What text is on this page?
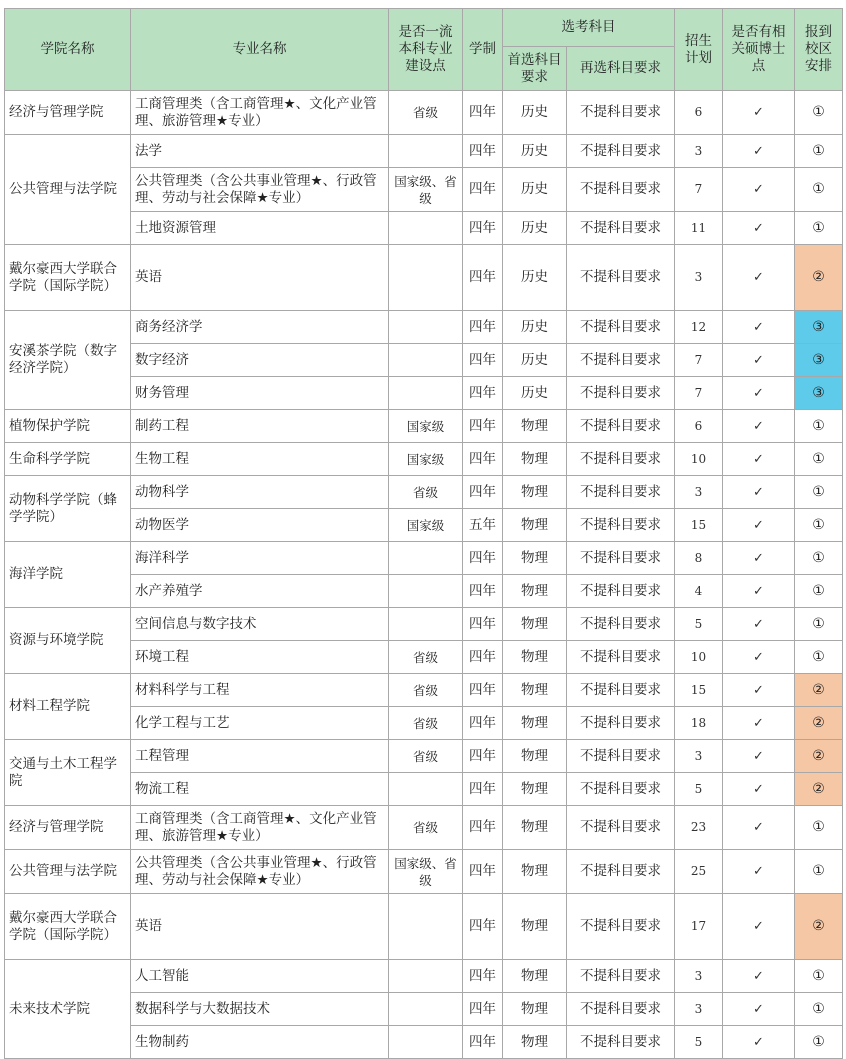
学院名称	专业名称	是否一流本科专业建设点	学制	选考科目		招生计划	是否有相关硕博士点	报到校区安排
				首选科目要求	再选科目要求			
经济与管理学院	工商管理类（含工商管理★、文化产业管理、旅游管理★专业）	省级	四年	历史	不提科目要求	6	✓	①
公共管理与法学院	法学		四年	历史	不提科目要求	3	✓	①
	公共管理类（含公共事业管理★、行政管理、劳动与社会保障★专业）	国家级、省级	四年	历史	不提科目要求	7	✓	①
	土地资源管理		四年	历史	不提科目要求	11	✓	①
戴尔豪西大学联合学院（国际学院）	英语		四年	历史	不提科目要求	3	✓	②
安溪茶学院（数字经济学院）	商务经济学		四年	历史	不提科目要求	12	✓	③
	数字经济		四年	历史	不提科目要求	7	✓	③
	财务管理		四年	历史	不提科目要求	7	✓	③
植物保护学院	制药工程	国家级	四年	物理	不提科目要求	6	✓	①
生命科学学院	生物工程	国家级	四年	物理	不提科目要求	10	✓	①
动物科学学院（蜂学学院）	动物科学	省级	四年	物理	不提科目要求	3	✓	①
	动物医学	国家级	五年	物理	不提科目要求	15	✓	①
海洋学院	海洋科学		四年	物理	不提科目要求	8	✓	①
	水产养殖学		四年	物理	不提科目要求	4	✓	①
资源与环境学院	空间信息与数字技术		四年	物理	不提科目要求	5	✓	①
	环境工程	省级	四年	物理	不提科目要求	10	✓	①
材料工程学院	材料科学与工程	省级	四年	物理	不提科目要求	15	✓	②
	化学工程与工艺	省级	四年	物理	不提科目要求	18	✓	②
交通与土木工程学院	工程管理	省级	四年	物理	不提科目要求	3	✓	②
	物流工程		四年	物理	不提科目要求	5	✓	②
经济与管理学院	工商管理类（含工商管理★、文化产业管理、旅游管理★专业）	省级	四年	物理	不提科目要求	23	✓	①
公共管理与法学院	公共管理类（含公共事业管理★、行政管理、劳动与社会保障★专业）	国家级、省级	四年	物理	不提科目要求	25	✓	①
戴尔豪西大学联合学院（国际学院）	英语		四年	物理	不提科目要求	17	✓	②
未来技术学院	人工智能		四年	物理	不提科目要求	3	✓	①
	数据科学与大数据技术		四年	物理	不提科目要求	3	✓	①
	生物制药		四年	物理	不提科目要求	5	✓	①
